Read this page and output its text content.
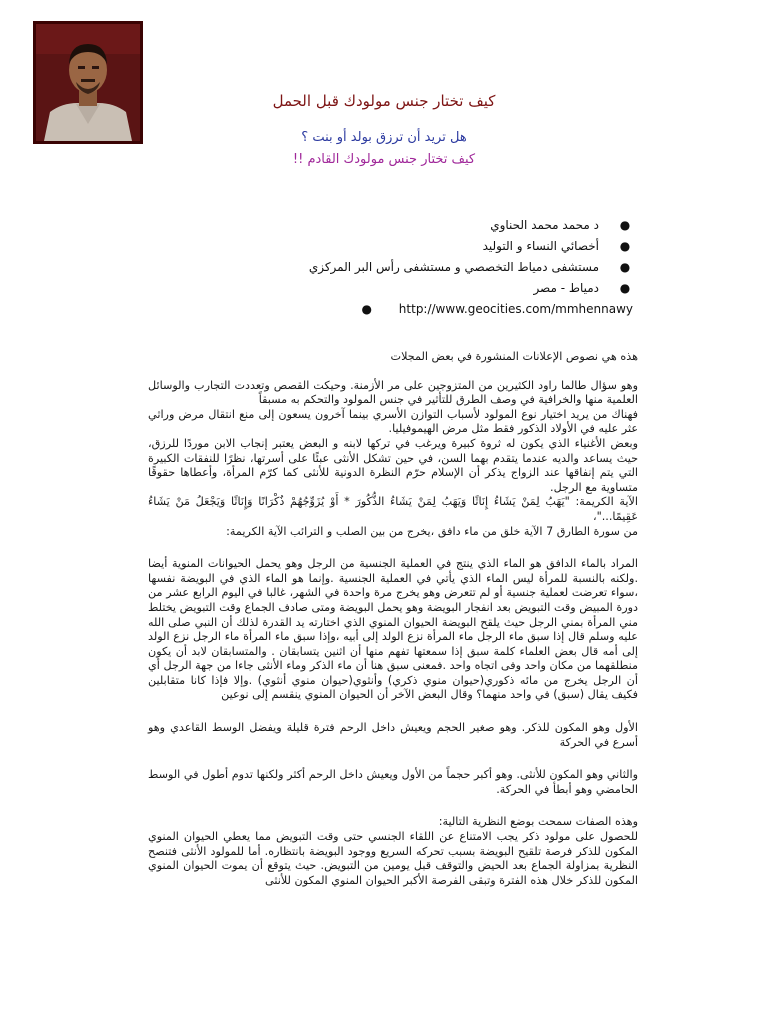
كيف تختار جنس مولودك قبل الحمل
هل تريد أن ترزق بولد أو بنت ؟
كيف تختار جنس مولودك القادم !!
●
د محمد محمد الحناوي
●
أخصائي النساء و التوليد
●
مستشفى دمياط التخصصي و مستشفى رأس البر المركزي
●
دمياط - مصر
http://www.geocities.com/mmhennawy
●

هذه هي نصوص الإعلانات المنشورة في بعض المجلات

وهو سؤال طالما راود الكثيرين من المتزوجين على مر الأزمنة. وحيكت القصص وتعددت التجارب والوسائل العلمية منها والخرافية في وصف الطرق للتأثير في جنس المولود والتحكم به مسبقاً

فهناك من يريد اختيار نوع المولود لأسباب التوازن الأسري بينما آخرون يسعون إلى منع انتقال مرض وراثي عثر عليه في الأولاد الذكور فقط مثل مرض الهيموفيليا.

وبعض الأغنياء الذي يكون له ثروة كبيرة ويرغب في تركها لابنه و البعض يعتبر إنجاب الابن موردًا للرزق، حيث يساعد والديه عندما يتقدم بهما السن، في حين تشكل الأنثى عبئًا على أسرتها، نظرًا للنفقات الكبيرة التي يتم إنفاقها عند الزواج يذكر أن الإسلام حرّم النظرة الدونية للأنثى كما كرّم المرأة، وأعطاها حقوقًا متساوية مع الرجل.

الآية الكريمة: "يَهَبُ لِمَنْ يَشَاءُ إِنَاثًا وَيَهَبُ لِمَنْ يَشَاءُ الذُّكُورَ * أَوْ يُزَوِّجُهُمْ ذُكْرَانًا وَإِنَاثًا وَيَجْعَلُ مَنْ يَشَاءُ عَقِيمًا..."،

من سورة الطارق 7 الآية خلق من ماء دافق ،يخرج من بين الصلب و الترائب الآية الكريمة:

المراد بالماء الدافق هو الماء الذي ينتج في العملية الجنسية من الرجل وهو يحمل الحيوانات المنوية أيضا .ولكنه بالنسبة للمرأة ليس الماء الذي يأتي في العملية الجنسية .وإنما هو الماء الذي في البويضة نفسها ،سواء تعرضت لعملية جنسية أو لم تتعرض وهو يخرج مرة واحدة في الشهر، غالبا في اليوم الرابع عشر من دورة المبيض وقت التبويض بعد انفجار البويضة وهو يحمل البويضة ومتى صادف الجماع وقت التبويض يختلط مني المرأة بمني الرجل حيث يلقح البويضة الحيوان المنوي الذي اختارته يد القدرة لذلك أن النبي صلى الله عليه وسلم قال إذا سبق ماء الرجل ماء المرأة نزع الولد إلى أبيه ،وإذا سبق ماء المرأة ماء الرجل نزع الولد إلى أمه قال بعض العلماء كلمة سبق إذا سمعتها تفهم منها أن اثنين يتسابقان . والمتسابقان لابد أن يكون منطلقهما من مكان واحد وفى اتجاه واحد .فمعنى سبق هنا أن ماء الذكر وماء الأنثى جاءا من جهة الرجل أي أن الرجل يخرج من مائه ذكوري(حيوان منوي ذكري) وأنثوي(حيوان منوي أنثوي) .وإلا فإذا كانا متقابلين فكيف يقال (سبق) في واحد منهما؟ وقال البعض الآخر أن الحيوان المنوي ينقسم إلى نوعين

الأول وهو المكون للذكر. وهو صغير الحجم ويعيش داخل الرحم فترة قليلة ويفضل الوسط القاعدي وهو أسرع في الحركة

والثاني وهو المكون للأنثى. وهو أكبر حجماً من الأول ويعيش داخل الرحم أكثر ولكنها تدوم أطول في الوسط الحامضي وهو أبطأ في الحركة.

وهذه الصفات سمحت بوضع النظرية التالية:

للحصول على مولود ذكر يجب الامتناع عن اللقاء الجنسي حتى وقت التبويض مما يعطي الحيوان المنوي المكون للذكر فرصة تلقيح البويضة بسبب تحركه السريع ووجود البويضة بانتظاره. أما للمولود الأنثى فتنصح النظرية بمزاولة الجماع بعد الحيض والتوقف قبل يومين من التبويض. حيث يتوقع أن يموت الحيوان المنوي المكون للذكر خلال هذه الفترة وتبقى الفرصة الأكبر الحيوان المنوي المكون للأنثى
